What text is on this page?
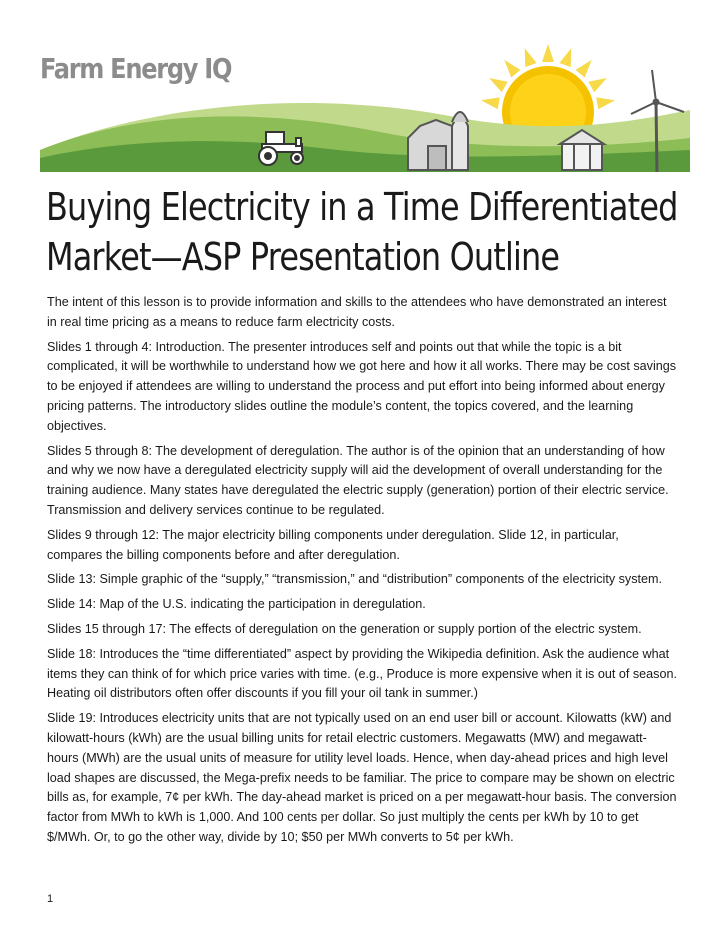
Farm Energy IQ
Buying Electricity in a Time Differentiated
Market—ASP Presentation Outline

The intent of this lesson is to provide information and skills to the attendees who have demonstrated an interest in real time pricing as a means to reduce farm electricity costs.

Slides 1 through 4: Introduction. The presenter introduces self and points out that while the topic is a bit complicated, it will be worthwhile to understand how we got here and how it all works. There may be cost savings to be enjoyed if attendees are willing to understand the process and put effort into being informed about energy pricing patterns. The introductory slides outline the module’s content, the topics covered, and the learning objectives.

Slides 5 through 8: The development of deregulation. The author is of the opinion that an understanding of how and why we now have a deregulated electricity supply will aid the development of overall understanding for the training audience. Many states have deregulated the electric supply (generation) portion of their electric service. Transmission and delivery services continue to be regulated.

Slides 9 through 12: The major electricity billing components under deregulation. Slide 12, in particular, compares the billing components before and after deregulation.

Slide 13: Simple graphic of the “supply,” “transmission,” and “distribution” components of the electricity system.

Slide 14: Map of the U.S. indicating the participation in deregulation.

Slides 15 through 17: The effects of deregulation on the generation or supply portion of the electric system.

Slide 18: Introduces the “time differentiated” aspect by providing the Wikipedia definition. Ask the audience what items they can think of for which price varies with time. (e.g., Produce is more expensive when it is out of season. Heating oil distributors often offer discounts if you fill your oil tank in summer.)

Slide 19: Introduces electricity units that are not typically used on an end user bill or account. Kilowatts (kW) and kilowatt-hours (kWh) are the usual billing units for retail electric customers. Megawatts (MW) and megawatt-hours (MWh) are the usual units of measure for utility level loads. Hence, when day-ahead prices and high level load shapes are discussed, the Mega-prefix needs to be familiar. The price to compare may be shown on electric bills as, for example, 7¢ per kWh. The day-ahead market is priced on a per megawatt-hour basis. The conversion factor from MWh to kWh is 1,000. And 100 cents per dollar. So just multiply the cents per kWh by 10 to get $/MWh. Or, to go the other way, divide by 10; $50 per MWh converts to 5¢ per kWh.

1
